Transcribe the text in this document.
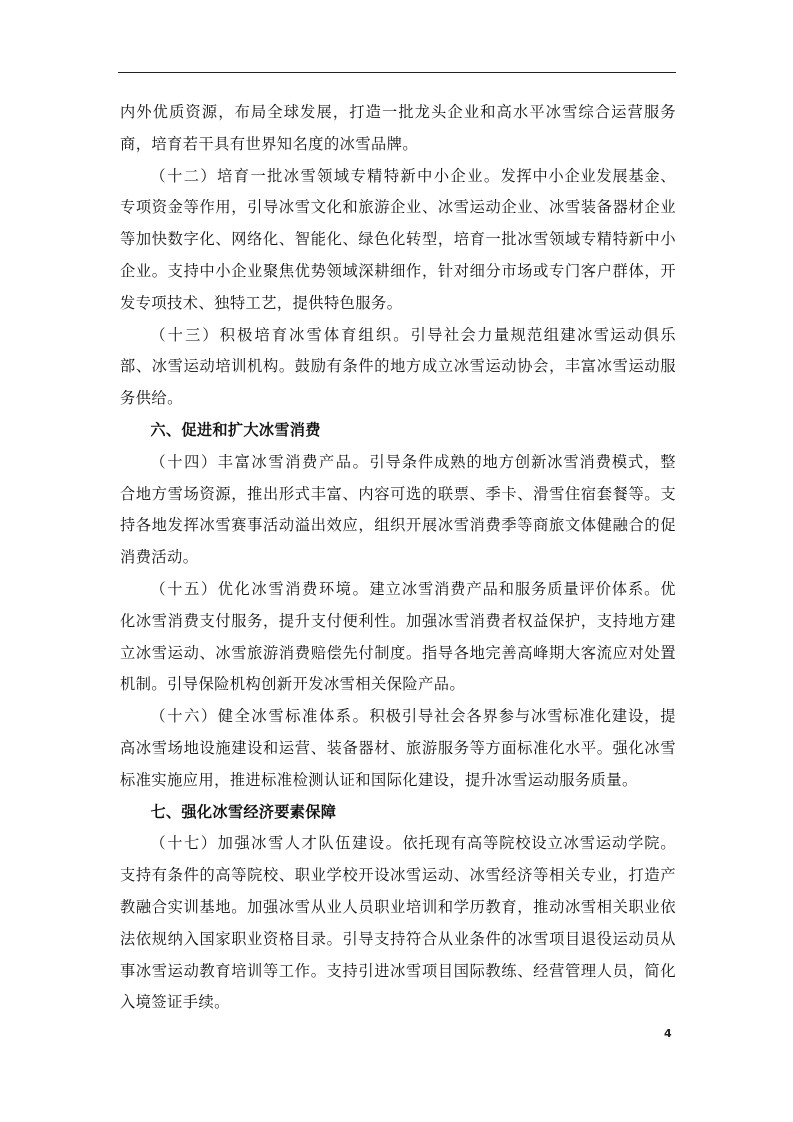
内外优质资源，布局全球发展，打造一批龙头企业和高水平冰雪综合运营服务商，培育若干具有世界知名度的冰雪品牌。

（十二）培育一批冰雪领域专精特新中小企业。发挥中小企业发展基金、专项资金等作用，引导冰雪文化和旅游企业、冰雪运动企业、冰雪装备器材企业等加快数字化、网络化、智能化、绿色化转型，培育一批冰雪领域专精特新中小企业。支持中小企业聚焦优势领域深耕细作，针对细分市场或专门客户群体，开发专项技术、独特工艺，提供特色服务。

（十三）积极培育冰雪体育组织。引导社会力量规范组建冰雪运动俱乐部、冰雪运动培训机构。鼓励有条件的地方成立冰雪运动协会，丰富冰雪运动服务供给。

六、促进和扩大冰雪消费

（十四）丰富冰雪消费产品。引导条件成熟的地方创新冰雪消费模式，整合地方雪场资源，推出形式丰富、内容可选的联票、季卡、滑雪住宿套餐等。支持各地发挥冰雪赛事活动溢出效应，组织开展冰雪消费季等商旅文体健融合的促消费活动。

（十五）优化冰雪消费环境。建立冰雪消费产品和服务质量评价体系。优化冰雪消费支付服务，提升支付便利性。加强冰雪消费者权益保护，支持地方建立冰雪运动、冰雪旅游消费赔偿先付制度。指导各地完善高峰期大客流应对处置机制。引导保险机构创新开发冰雪相关保险产品。

（十六）健全冰雪标准体系。积极引导社会各界参与冰雪标准化建设，提高冰雪场地设施建设和运营、装备器材、旅游服务等方面标准化水平。强化冰雪标准实施应用，推进标准检测认证和国际化建设，提升冰雪运动服务质量。

七、强化冰雪经济要素保障

（十七）加强冰雪人才队伍建设。依托现有高等院校设立冰雪运动学院。支持有条件的高等院校、职业学校开设冰雪运动、冰雪经济等相关专业，打造产教融合实训基地。加强冰雪从业人员职业培训和学历教育，推动冰雪相关职业依法依规纳入国家职业资格目录。引导支持符合从业条件的冰雪项目退役运动员从事冰雪运动教育培训等工作。支持引进冰雪项目国际教练、经营管理人员，简化入境签证手续。

4
